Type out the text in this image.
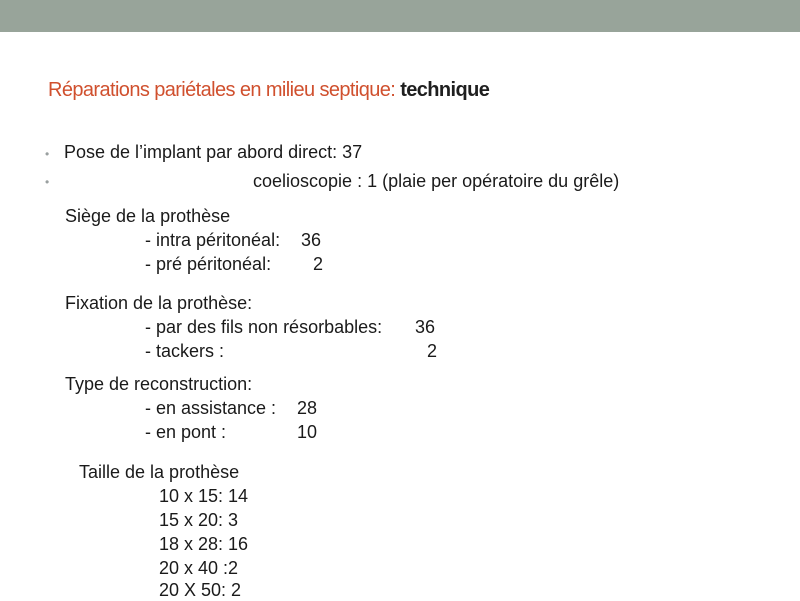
Réparations pariétales en milieu septique: technique
• Pose de l’implant par abord direct: 37
•	coelioscopie : 1 (plaie per opératoire du grêle)
Siège de la prothèse
- intra péritonéal: 36
- pré péritonéal: 2
Fixation de la prothèse:
- par des fils non résorbables: 36
- tackers :	2
Type de reconstruction:
- en assistance : 28
- en pont :	10
Taille de la prothèse
10 x 15: 14
15 x 20: 3
18 x 28: 16
20 x 40 :2
20 X 50: 2
